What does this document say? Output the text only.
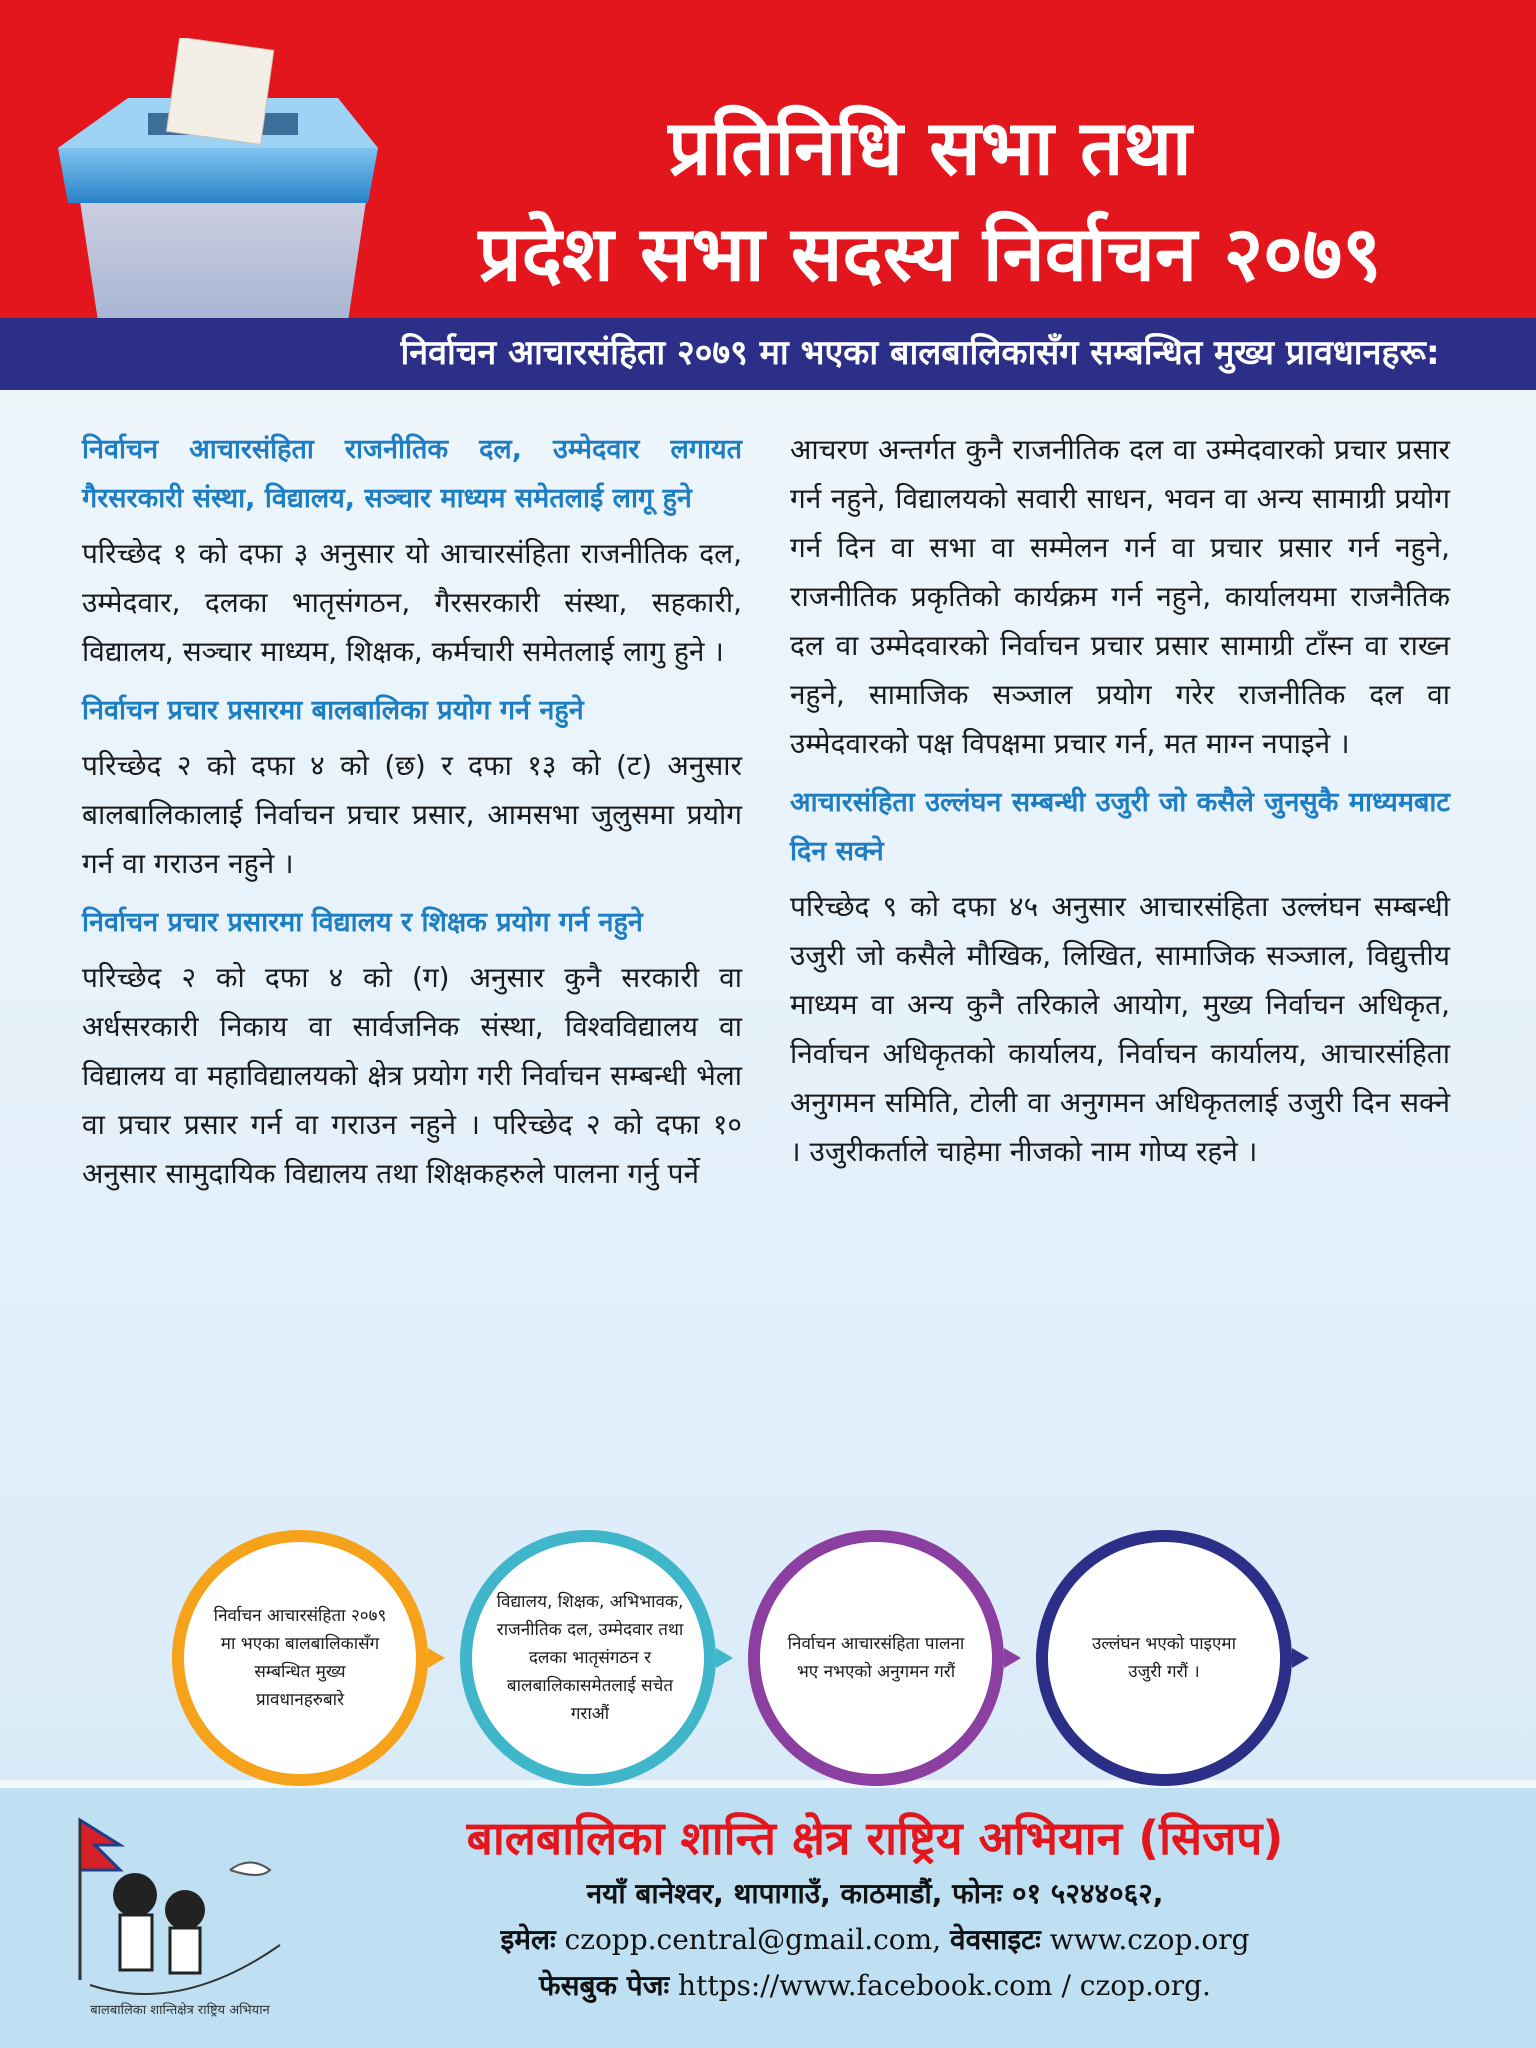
प्रतिनिधि सभा तथा
प्रदेश सभा सदस्य निर्वाचन २०७९
निर्वाचन आचारसंहिता २०७९ मा भएका बालबालिकासँग सम्बन्धित मुख्य प्रावधानहरू:

निर्वाचन आचारसंहिता राजनीतिक दल, उम्मेदवार लगायत गैरसरकारी संस्था, विद्यालय, सञ्चार माध्यम समेतलाई लागू हुने

परिच्छेद १ को दफा ३ अनुसार यो आचारसंहिता राजनीतिक दल, उम्मेदवार, दलका भातृसंगठन, गैरसरकारी संस्था, सहकारी, विद्यालय, सञ्चार माध्यम, शिक्षक, कर्मचारी समेतलाई लागु हुने ।

निर्वाचन प्रचार प्रसारमा बालबालिका प्रयोग गर्न नहुने

परिच्छेद २ को दफा ४ को (छ) र दफा १३ को (ट) अनुसार बालबालिकालाई निर्वाचन प्रचार प्रसार, आमसभा जुलुसमा प्रयोग गर्न वा गराउन नहुने ।

निर्वाचन प्रचार प्रसारमा विद्यालय र शिक्षक प्रयोग गर्न नहुने

परिच्छेद २ को दफा ४ को (ग) अनुसार कुनै सरकारी वा अर्धसरकारी निकाय वा सार्वजनिक संस्था, विश्वविद्यालय वा विद्यालय वा महाविद्यालयको क्षेत्र प्रयोग गरी निर्वाचन सम्बन्धी भेला वा प्रचार प्रसार गर्न वा गराउन नहुने । परिच्छेद २ को दफा १० अनुसार सामुदायिक विद्यालय तथा शिक्षकहरुले पालना गर्नु पर्ने

आचरण अन्तर्गत कुनै राजनीतिक दल वा उम्मेदवारको प्रचार प्रसार गर्न नहुने, विद्यालयको सवारी साधन, भवन वा अन्य सामाग्री प्रयोग गर्न दिन वा सभा वा सम्मेलन गर्न वा प्रचार प्रसार गर्न नहुने, राजनीतिक प्रकृतिको कार्यक्रम गर्न नहुने, कार्यालयमा राजनैतिक दल वा उम्मेदवारको निर्वाचन प्रचार प्रसार सामाग्री टाँस्न वा राख्न नहुने, सामाजिक सञ्जाल प्रयोग गरेर राजनीतिक दल वा उम्मेदवारको पक्ष विपक्षमा प्रचार गर्न, मत माग्न नपाइने ।

आचारसंहिता उल्लंघन सम्बन्धी उजुरी जो कसैले जुनसुकै माध्यमबाट दिन सक्ने

परिच्छेद ९ को दफा ४५ अनुसार आचारसंहिता उल्लंघन सम्बन्धी उजुरी जो कसैले मौखिक, लिखित, सामाजिक सञ्जाल, विद्युत्तीय माध्यम वा अन्य कुनै तरिकाले आयोग, मुख्य निर्वाचन अधिकृत, निर्वाचन अधिकृतको कार्यालय, निर्वाचन कार्यालय, आचारसंहिता अनुगमन समिति, टोली वा अनुगमन अधिकृतलाई उजुरी दिन सक्ने । उजुरीकर्ताले चाहेमा नीजको नाम गोप्य रहने ।

निर्वाचन आचारसंहिता २०७९ मा भएका बालबालिकासँग सम्बन्धित मुख्य प्रावधानहरुबारे
विद्यालय, शिक्षक, अभिभावक, राजनीतिक दल, उम्मेदवार तथा दलका भातृसंगठन र बालबालिकासमेतलाई सचेत गराऔं
निर्वाचन आचारसंहिता पालना भए नभएको अनुगमन गरौं
उल्लंघन भएको पाइएमा उजुरी गरौं ।
बालबालिका शान्तिक्षेत्र राष्ट्रिय अभियान
बालबालिका शान्ति क्षेत्र राष्ट्रिय अभियान (सिजप)
नयाँ बानेश्वर, थापागाउँ, काठमाडौं, फोनः ०१ ५२४४०६२,
इमेलः czopp.central@gmail.com, वेवसाइटः www.czop.org
फेसबुक पेजः https://www.facebook.com / czop.org.
